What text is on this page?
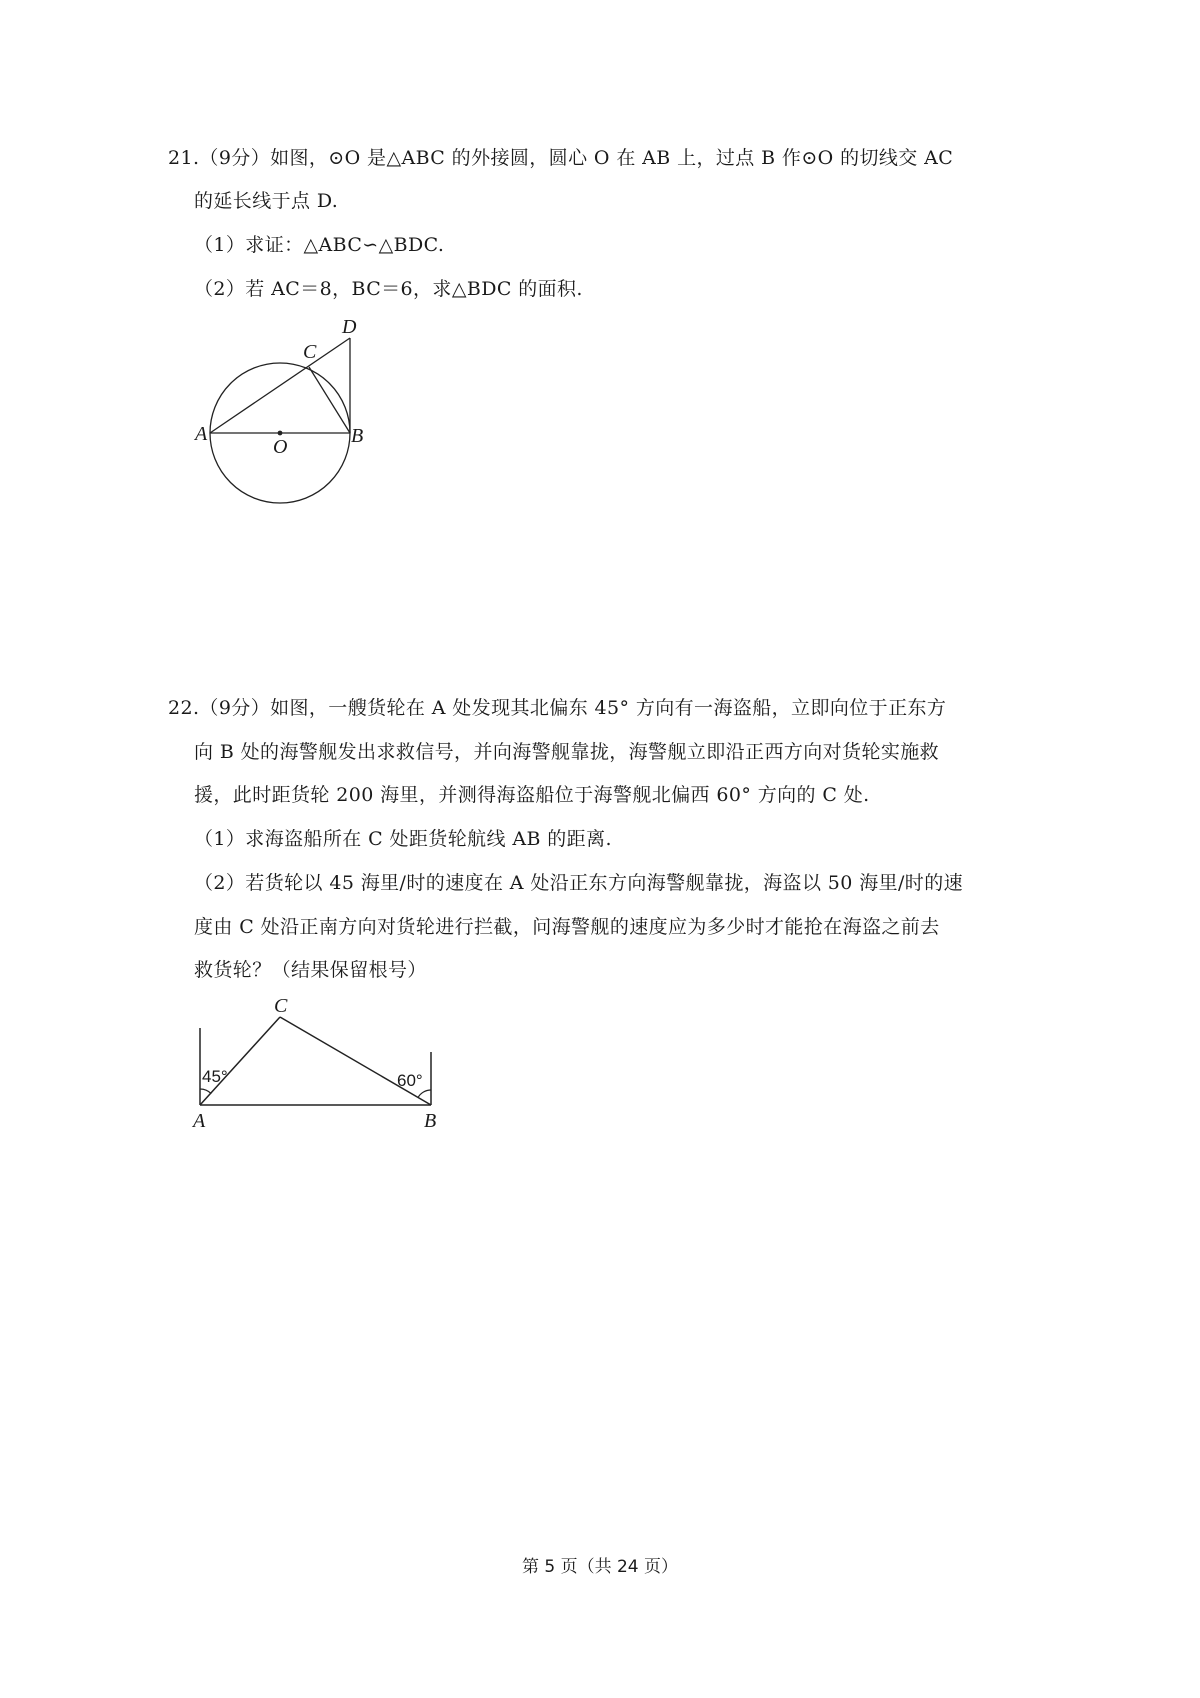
21.（9分）如图，⊙O 是△ABC 的外接圆，圆心 O 在 AB 上，过点 B 作⊙O 的切线交 AC
的延长线于点 D.
（1）求证：△ABC∽△BDC.
（2）若 AC＝8，BC＝6，求△BDC 的面积.
A	B
C
D
O
22.（9分）如图，一艘货轮在 A 处发现其北偏东 45° 方向有一海盗船，立即向位于正东方
向 B 处的海警舰发出求救信号，并向海警舰靠拢，海警舰立即沿正西方向对货轮实施救
援，此时距货轮 200 海里，并测得海盗船位于海警舰北偏西 60° 方向的 C 处.
（1）求海盗船所在 C 处距货轮航线 AB 的距离.
（2）若货轮以 45 海里/时的速度在 A 处沿正东方向海警舰靠拢，海盗以 50 海里/时的速
度由 C 处沿正南方向对货轮进行拦截，问海警舰的速度应为多少时才能抢在海盗之前去
救货轮？（结果保留根号）
45°	60°
A	B
C
第 5 页（共 24 页）
